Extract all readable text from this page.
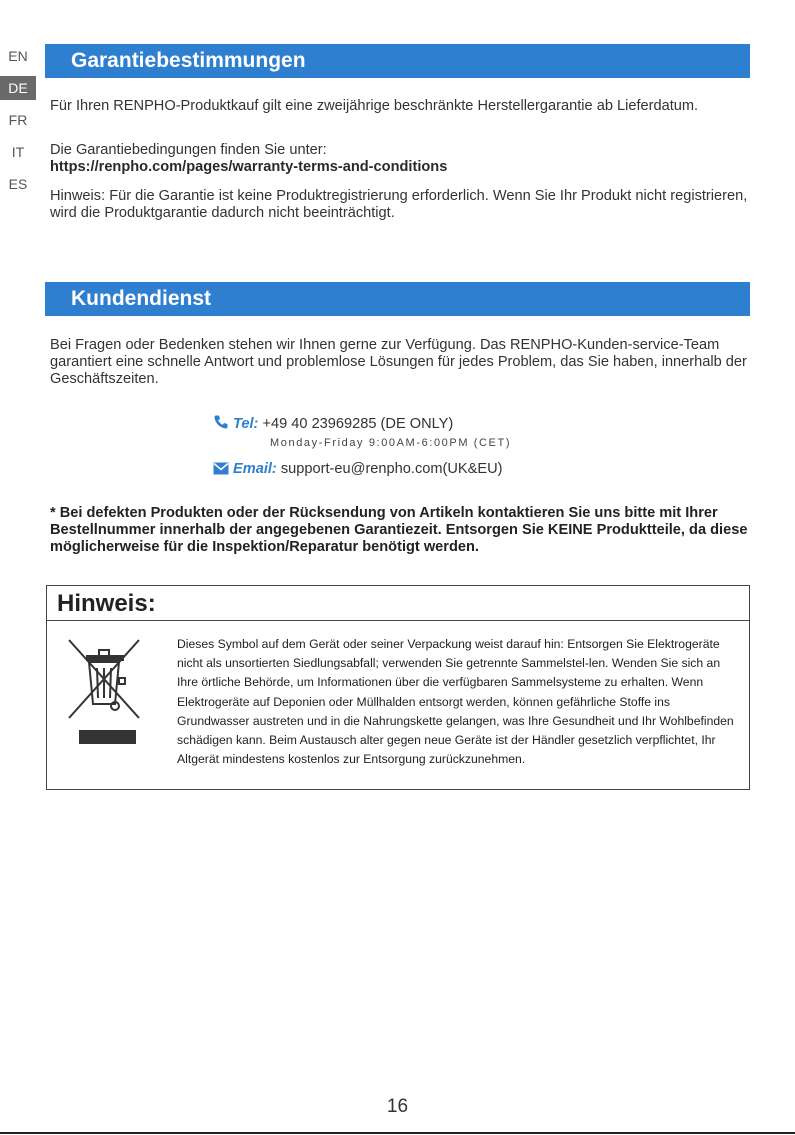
EN
DE
FR
IT
ES
Garantiebestimmungen
Für Ihren RENPHO-Produktkauf gilt eine zweijährige beschränkte Herstellergarantie ab Lieferdatum.
Die Garantiebedingungen finden Sie unter:
https://renpho.com/pages/warranty-terms-and-conditions
Hinweis: Für die Garantie ist keine Produktregistrierung erforderlich. Wenn Sie Ihr Produkt nicht registrieren, wird die Produktgarantie dadurch nicht beeinträchtigt.
Kundendienst
Bei Fragen oder Bedenken stehen wir Ihnen gerne zur Verfügung. Das RENPHO-Kunden-service-Team garantiert eine schnelle Antwort und problemlose Lösungen für jedes Problem, das Sie haben, innerhalb der Geschäftszeiten.
Tel: +49 40 23969285 (DE ONLY)
Monday-Friday 9:00AM-6:00PM (CET)
Email: support-eu@renpho.com(UK&EU)
* Bei defekten Produkten oder der Rücksendung von Artikeln kontaktieren Sie uns bitte mit Ihrer Bestellnummer innerhalb der angegebenen Garantiezeit. Entsorgen Sie KEINE Produktteile, da diese möglicherweise für die Inspektion/Reparatur benötigt werden.
Hinweis:
Dieses Symbol auf dem Gerät oder seiner Verpackung weist darauf hin: Entsorgen Sie Elektrogeräte nicht als unsortierten Siedlungsabfall; verwenden Sie getrennte Sammelstel-len. Wenden Sie sich an Ihre örtliche Behörde, um Informationen über die verfügbaren Sammelsysteme zu erhalten. Wenn Elektrogeräte auf Deponien oder Müllhalden entsorgt werden, können gefährliche Stoffe ins Grundwasser austreten und in die Nahrungskette gelangen, was Ihre Gesundheit und Ihr Wohlbefinden schädigen kann. Beim Austausch alter gegen neue Geräte ist der Händler gesetzlich verpflichtet, Ihr Altgerät mindestens kostenlos zur Entsorgung zurückzunehmen.
16
